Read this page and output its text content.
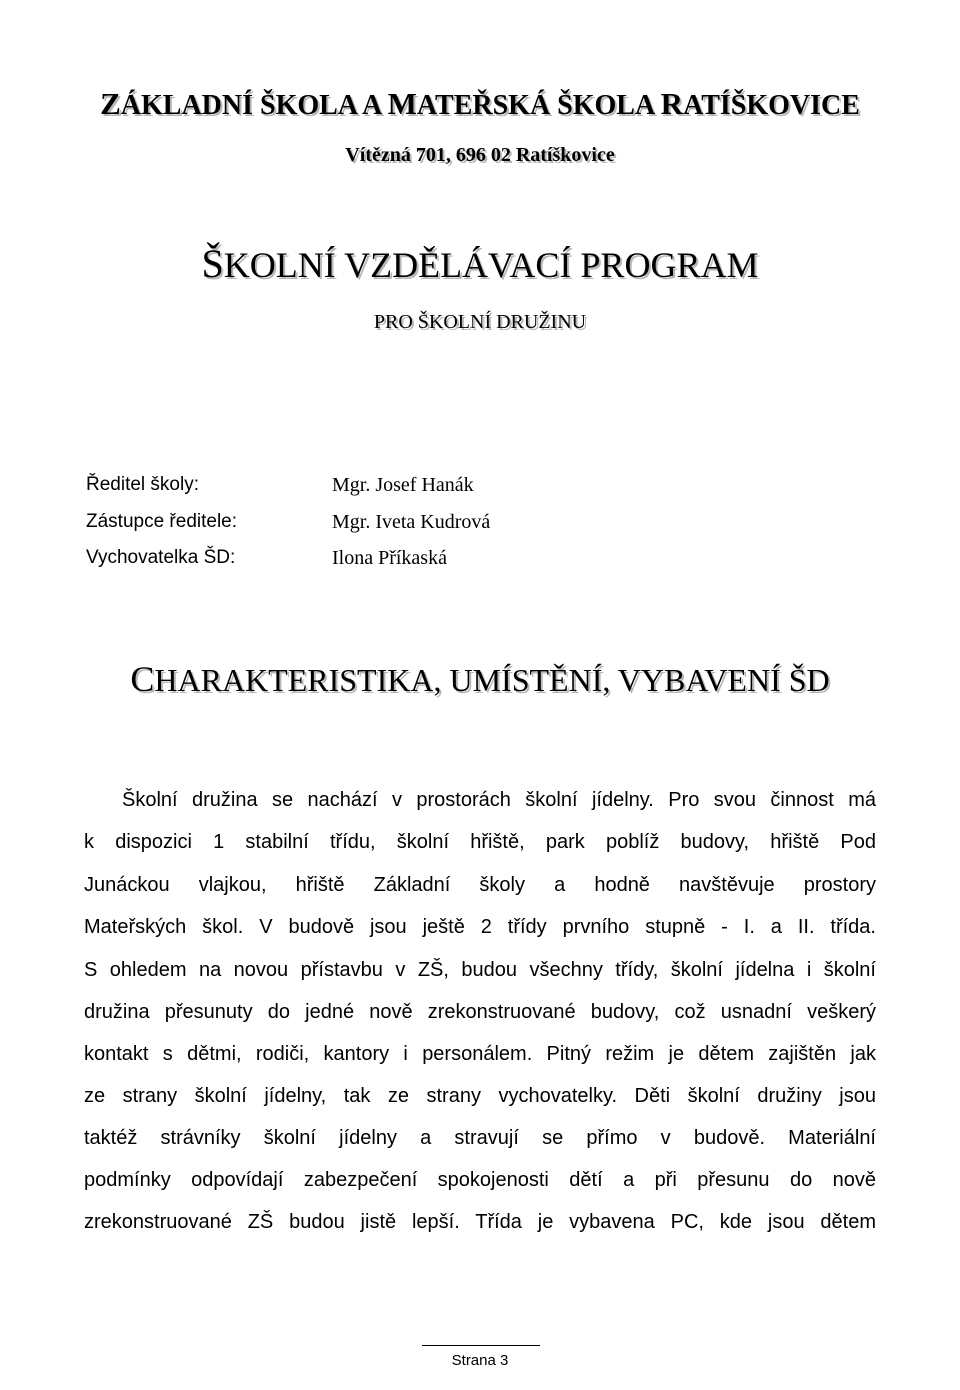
ZÁKLADNÍ ŠKOLA A MATEŘSKÁ ŠKOLA RATÍŠKOVICE
Vítězná 701, 696 02 Ratíškovice
ŠKOLNÍ VZDĚLÁVACÍ PROGRAM
PRO ŠKOLNÍ DRUŽINU
Ředitel školy:	Mgr. Josef Hanák
Zástupce ředitele:	Mgr. Iveta Kudrová
Vychovatelka ŠD:	Ilona Příkaská
CHARAKTERISTIKA, UMÍSTĚNÍ, VYBAVENÍ ŠD
Školní družina se nachází v prostorách školní jídelny. Pro svou činnost má
k dispozici 1 stabilní třídu, školní hřiště, park poblíž budovy, hřiště Pod
Junáckou vlajkou, hřiště Základní školy a hodně navštěvuje prostory
Mateřských škol. V budově jsou ještě 2 třídy prvního stupně - I. a II. třída.
S ohledem na novou přístavbu v ZŠ, budou všechny třídy, školní jídelna i školní
družina přesunuty do jedné nově zrekonstruované budovy, což usnadní veškerý
kontakt s dětmi, rodiči, kantory i personálem. Pitný režim je dětem zajištěn jak
ze strany školní jídelny, tak ze strany vychovatelky. Děti školní družiny jsou
taktéž strávníky školní jídelny a stravují se přímo v budově. Materiální
podmínky odpovídají zabezpečení spokojenosti dětí a při přesunu do nově
zrekonstruované ZŠ budou jistě lepší. Třída je vybavena PC, kde jsou dětem
Strana 3
